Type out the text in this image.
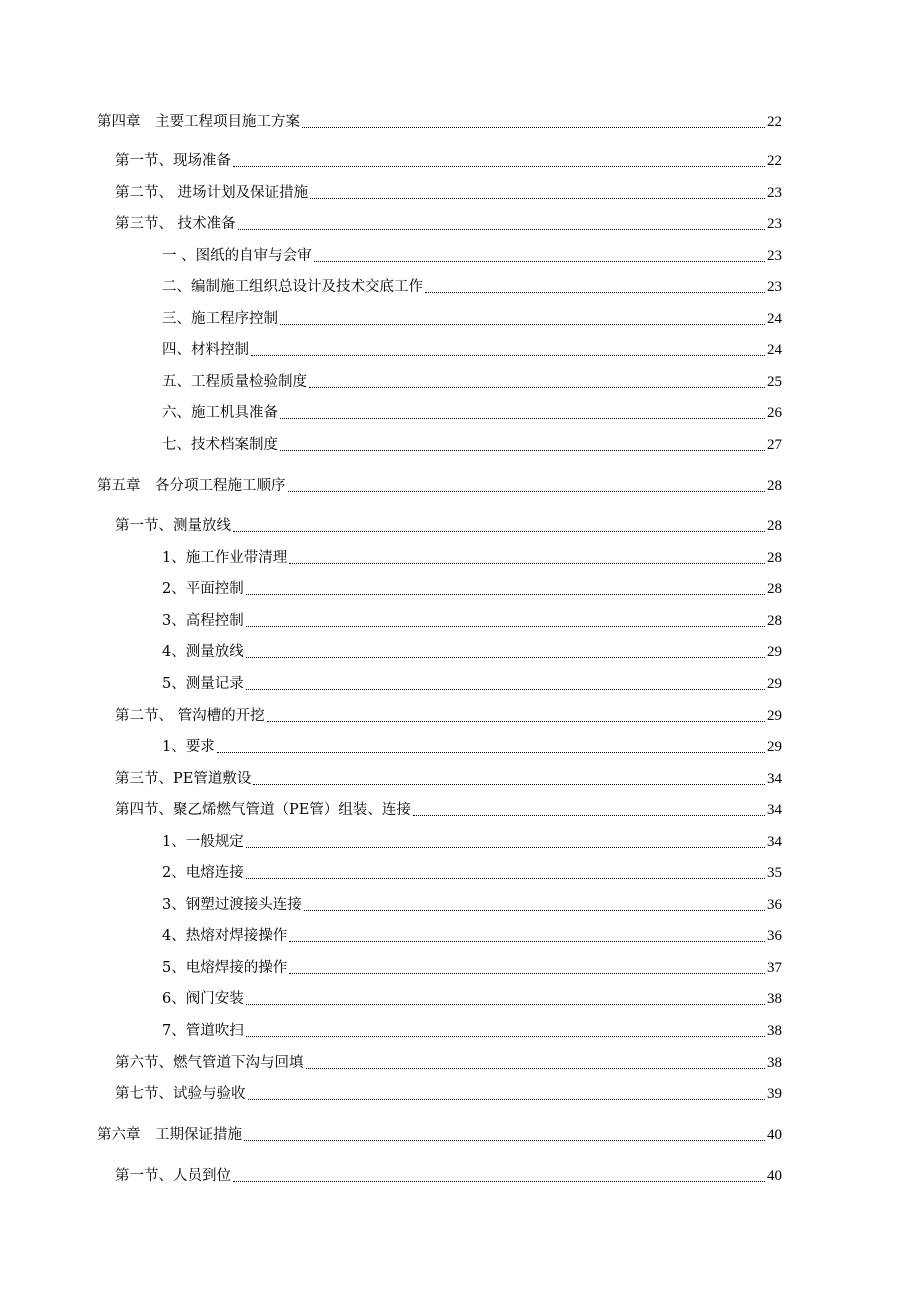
第四章　主要工程项目施工方案	22
第一节、现场准备	22
第二节、 进场计划及保证措施	23
第三节、 技术准备	23
一 、图纸的自审与会审	23
二、编制施工组织总设计及技术交底工作	23
三、施工程序控制	24
四、材料控制	24
五、工程质量检验制度	25
六、施工机具准备	26
七、技术档案制度	27
第五章　各分项工程施工顺序	28
第一节、测量放线	28
1、施工作业带清理	28
2、平面控制	28
3、高程控制	28
4、测量放线	29
5、测量记录	29
第二节、 管沟槽的开挖	29
1、要求	29
第三节、PE管道敷设	34
第四节、聚乙烯燃气管道（PE管）组装、连接	34
1、一般规定	34
2、电熔连接	35
3、钢塑过渡接头连接	36
4、热熔对焊接操作	36
5、电熔焊接的操作	37
6、阀门安装	38
7、管道吹扫	38
第六节、燃气管道下沟与回填	38
第七节、试验与验收	39
第六章　工期保证措施	40
第一节、人员到位	40
